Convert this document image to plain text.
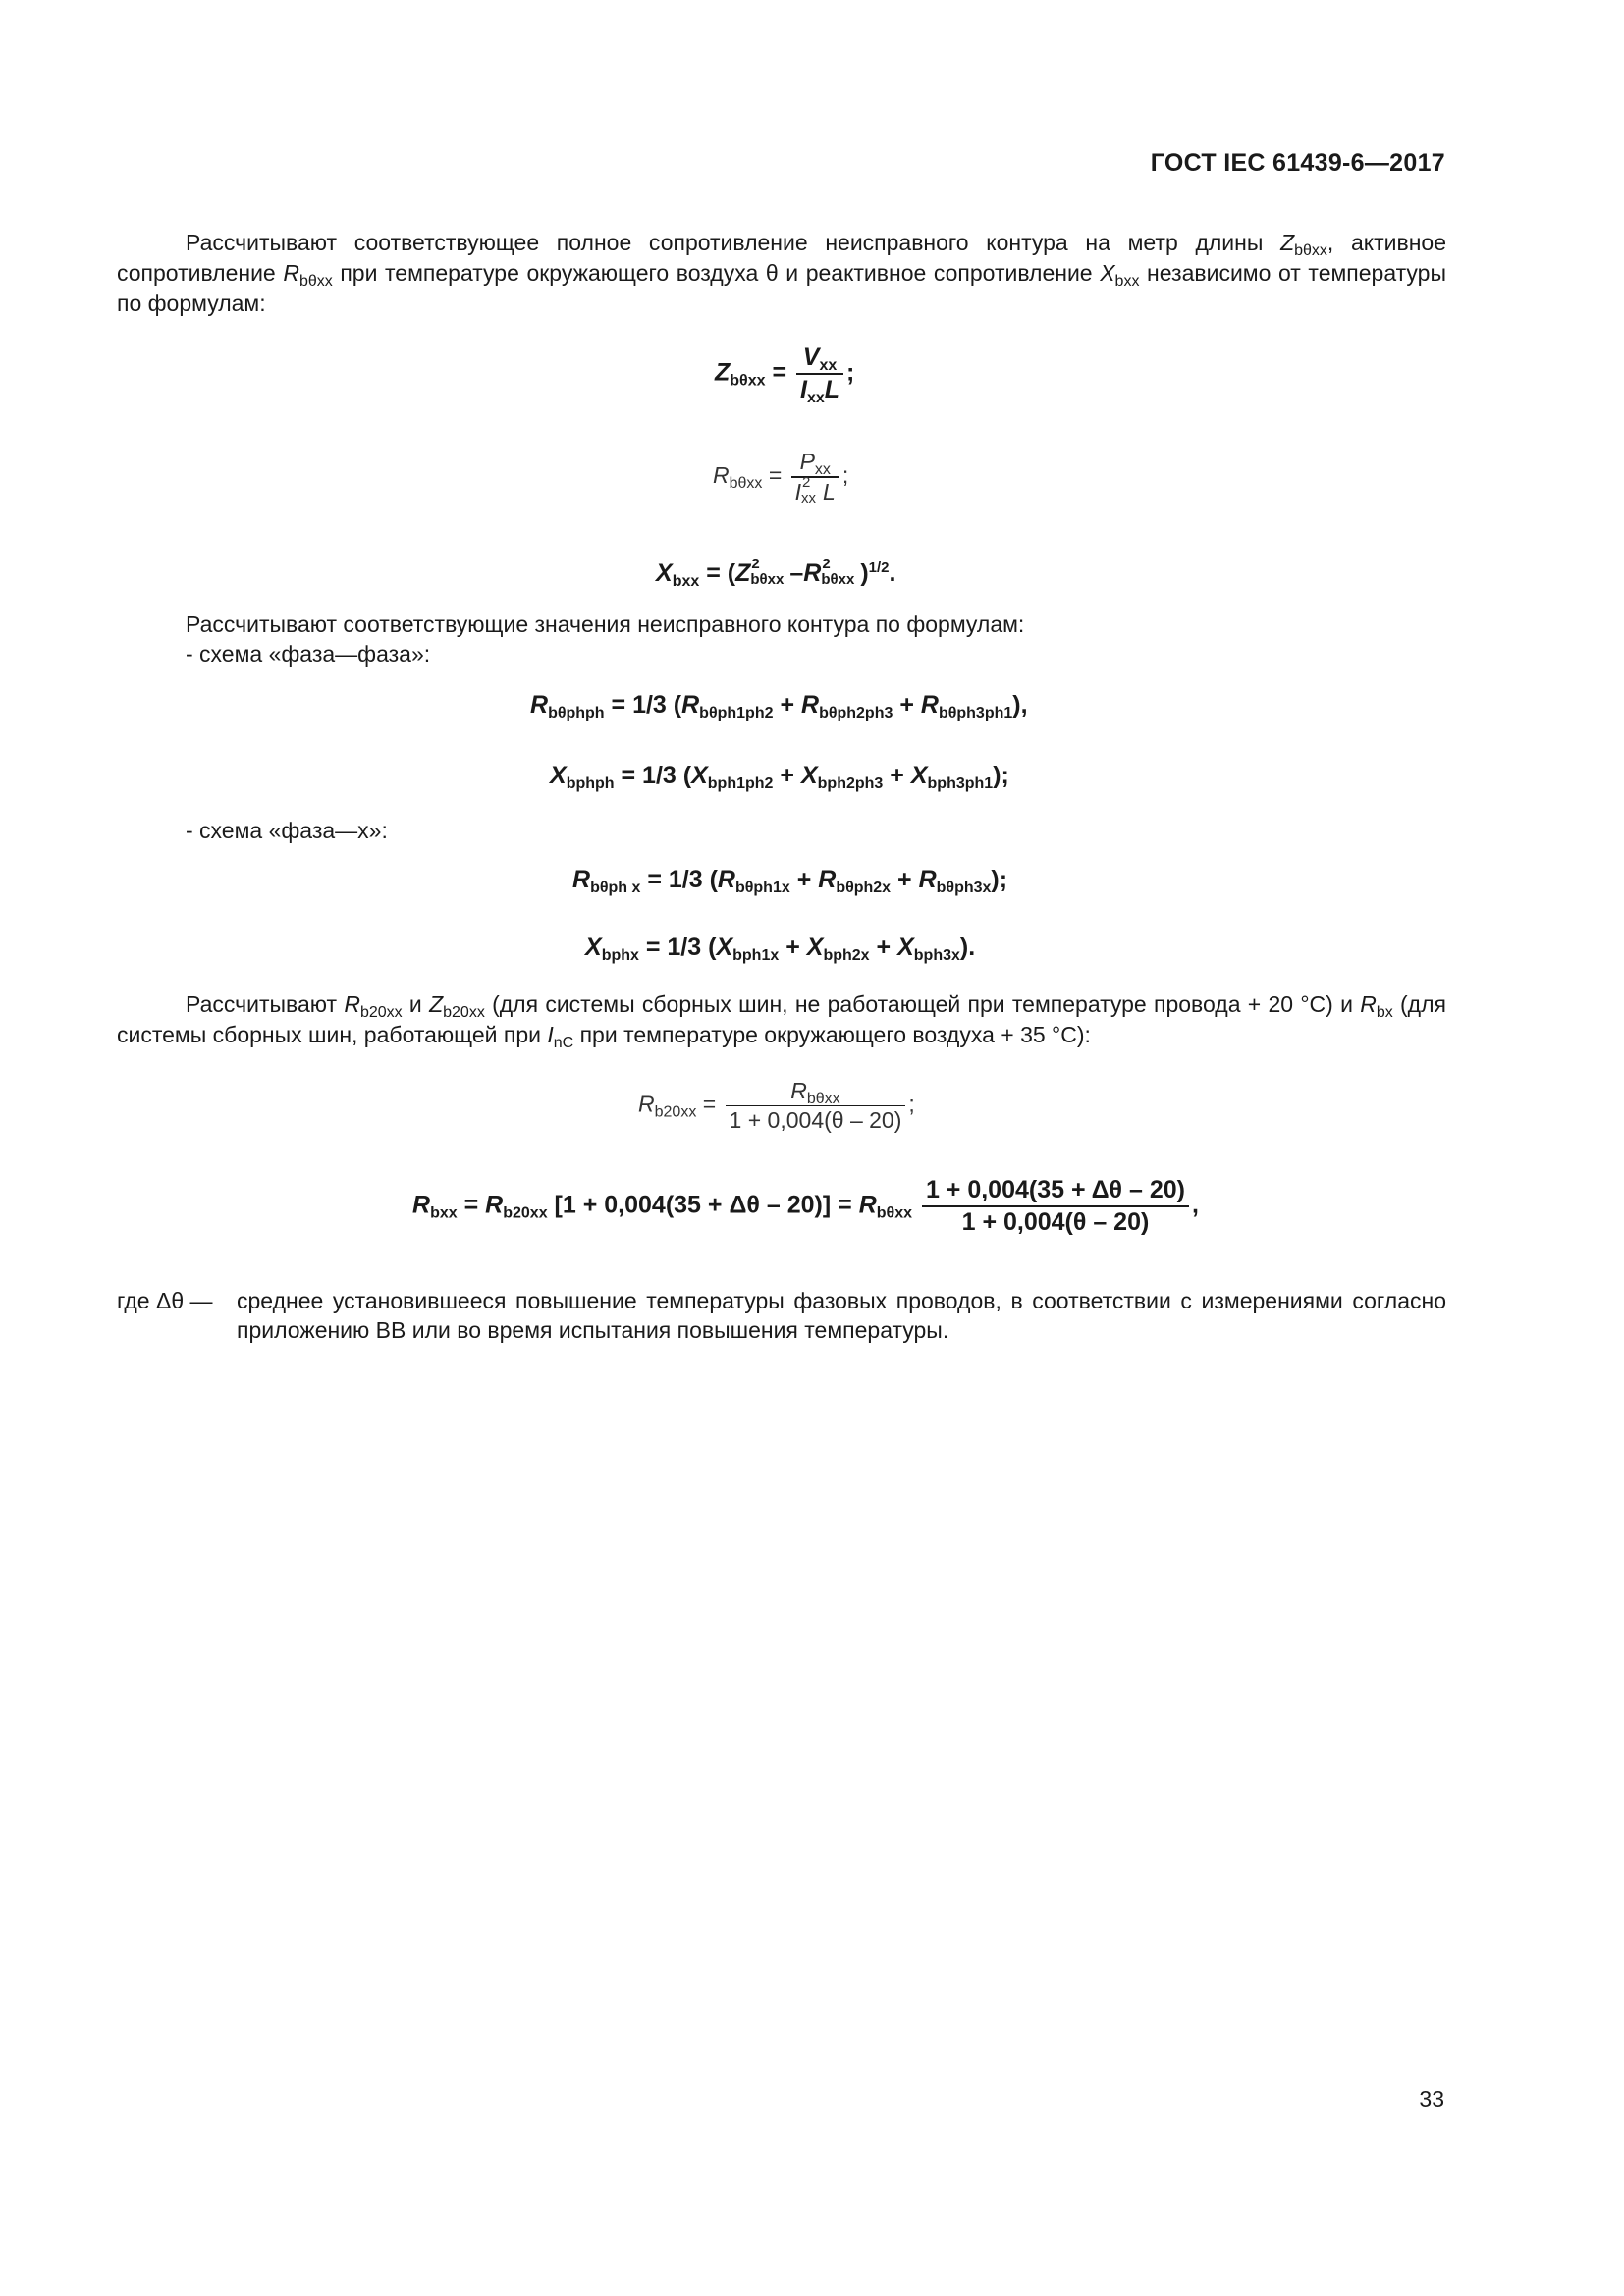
ГОСТ IEC 61439-6—2017
Рассчитывают соответствующее полное сопротивление неисправного контура на метр длины $Z_{b\theta xx}$, активное сопротивление $R_{b\theta xx}$ при температуре окружающего воздуха θ и реактивное сопротивление $X_{bxx}$ независимо от температуры по формулам:
$Z_{b\theta xx} = \frac{V_{xx}}{I_{xx}L}$ ;
$R_{b\theta xx} = P_{xx}$
I 2
xx L ;
$X_{bxx} = (Z$ 2
bθxx –R 2
bθxx )$^{1/2}$.
Рассчитывают соответствующие значения неисправного контура по формулам:
- схема «фаза—фаза»:
$R_{b\theta phph} = 1/3$ $(R_{b\theta ph1ph2} + R_{b\theta ph2ph3} + R_{b\theta ph3ph1})$,
$X_{bphph} = 1/3$ $(X_{bph1ph2} + X_{bph2ph3} + X_{bph3ph1})$;
- схема «фаза—х»:
$R_{b\theta ph x} = 1/3$ $(R_{b\theta ph1x} + R_{b\theta ph2x} + R_{b\theta ph3x})$;
$X_{bphx} = 1/3$ $(X_{bph1x} + X_{bph2x} + X_{bph3x})$.
Рассчитывают $R_{b20xx}$ и $Z_{b20xx}$ (для системы сборных шин, не работающей при температуре провода + 20 °С) и $R_{bx}$ (для системы сборных шин, работающей при $I_{nC}$ при температуре окружающего воздуха + 35 °С):
$R_{b20xx} = \frac{R_{b\theta xx}}{1 + 0,004(\theta - 20)}$ ;
$R_{bxx} = R_{b20xx}$ $[1 + 0,004(35 + \Delta\theta - 20)] = R_{b\theta xx} \frac{1 + 0,004(35 + \Delta\theta - 20)}{1 + 0,004(\theta - 20)}$ ,
где Δθ — среднее установившееся повышение температуры фазовых проводов, в соответствии с измерениями согласно приложению ВВ или во время испытания повышения температуры.
33
